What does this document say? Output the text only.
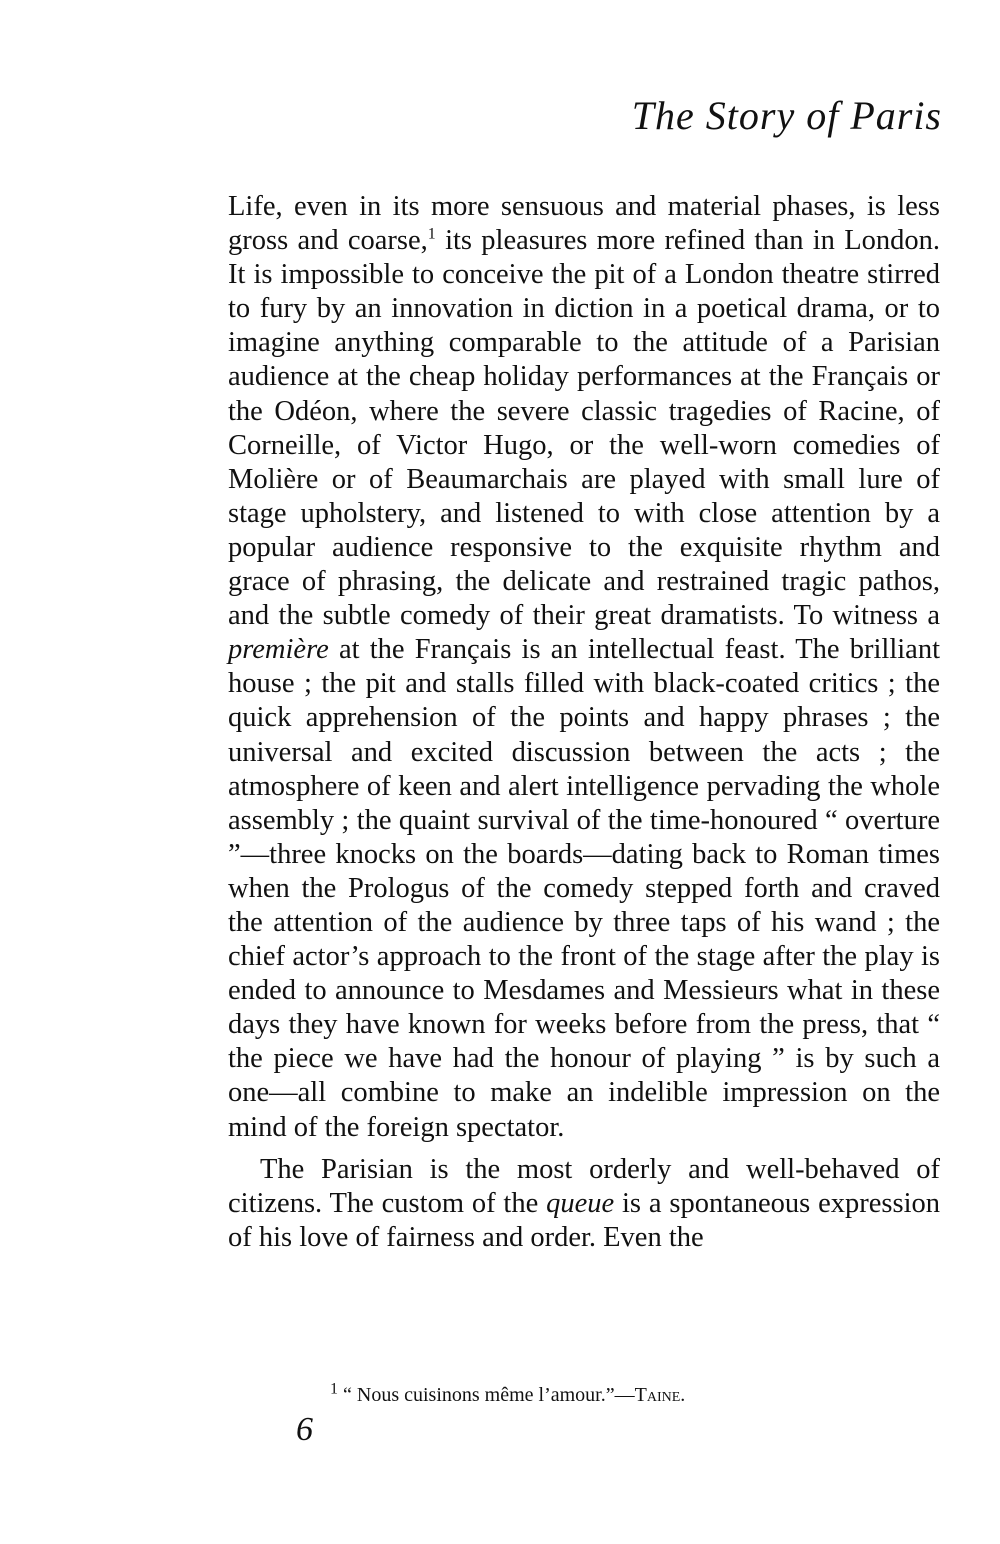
The Story of Paris

Life, even in its more sensuous and material phases, is less gross and coarse,$^1$ its pleasures more refined than in London. It is impossible to conceive the pit of a London theatre stirred to fury by an innovation in diction in a poetical drama, or to imagine anything comparable to the attitude of a Parisian audience at the cheap holiday performances at the Français or the Odéon, where the severe classic tragedies of Racine, of Corneille, of Victor Hugo, or the well-worn comedies of Molière or of Beaumarchais are played with small lure of stage upholstery, and listened to with close attention by a popular audience responsive to the exquisite rhythm and grace of phrasing, the delicate and restrained tragic pathos, and the subtle comedy of their great dramatists. To witness a première at the Français is an intellectual feast. The brilliant house ; the pit and stalls filled with black-coated critics ; the quick apprehension of the points and happy phrases ; the universal and excited discussion between the acts ; the atmosphere of keen and alert intelligence pervading the whole assembly ; the quaint survival of the time-honoured “ overture ”—three knocks on the boards—dating back to Roman times when the Prologus of the comedy stepped forth and craved the attention of the audience by three taps of his wand ; the chief actor’s approach to the front of the stage after the play is ended to announce to Mesdames and Messieurs what in these days they have known for weeks before from the press, that “ the piece we have had the honour of playing ” is by such a one—all combine to make an indelible impression on the mind of the foreign spectator.

The Parisian is the most orderly and well-behaved of citizens. The custom of the queue is a spontaneous expression of his love of fairness and order. Even the

$^1$ “ Nous cuisinons même l’amour.”—Taine.
6
